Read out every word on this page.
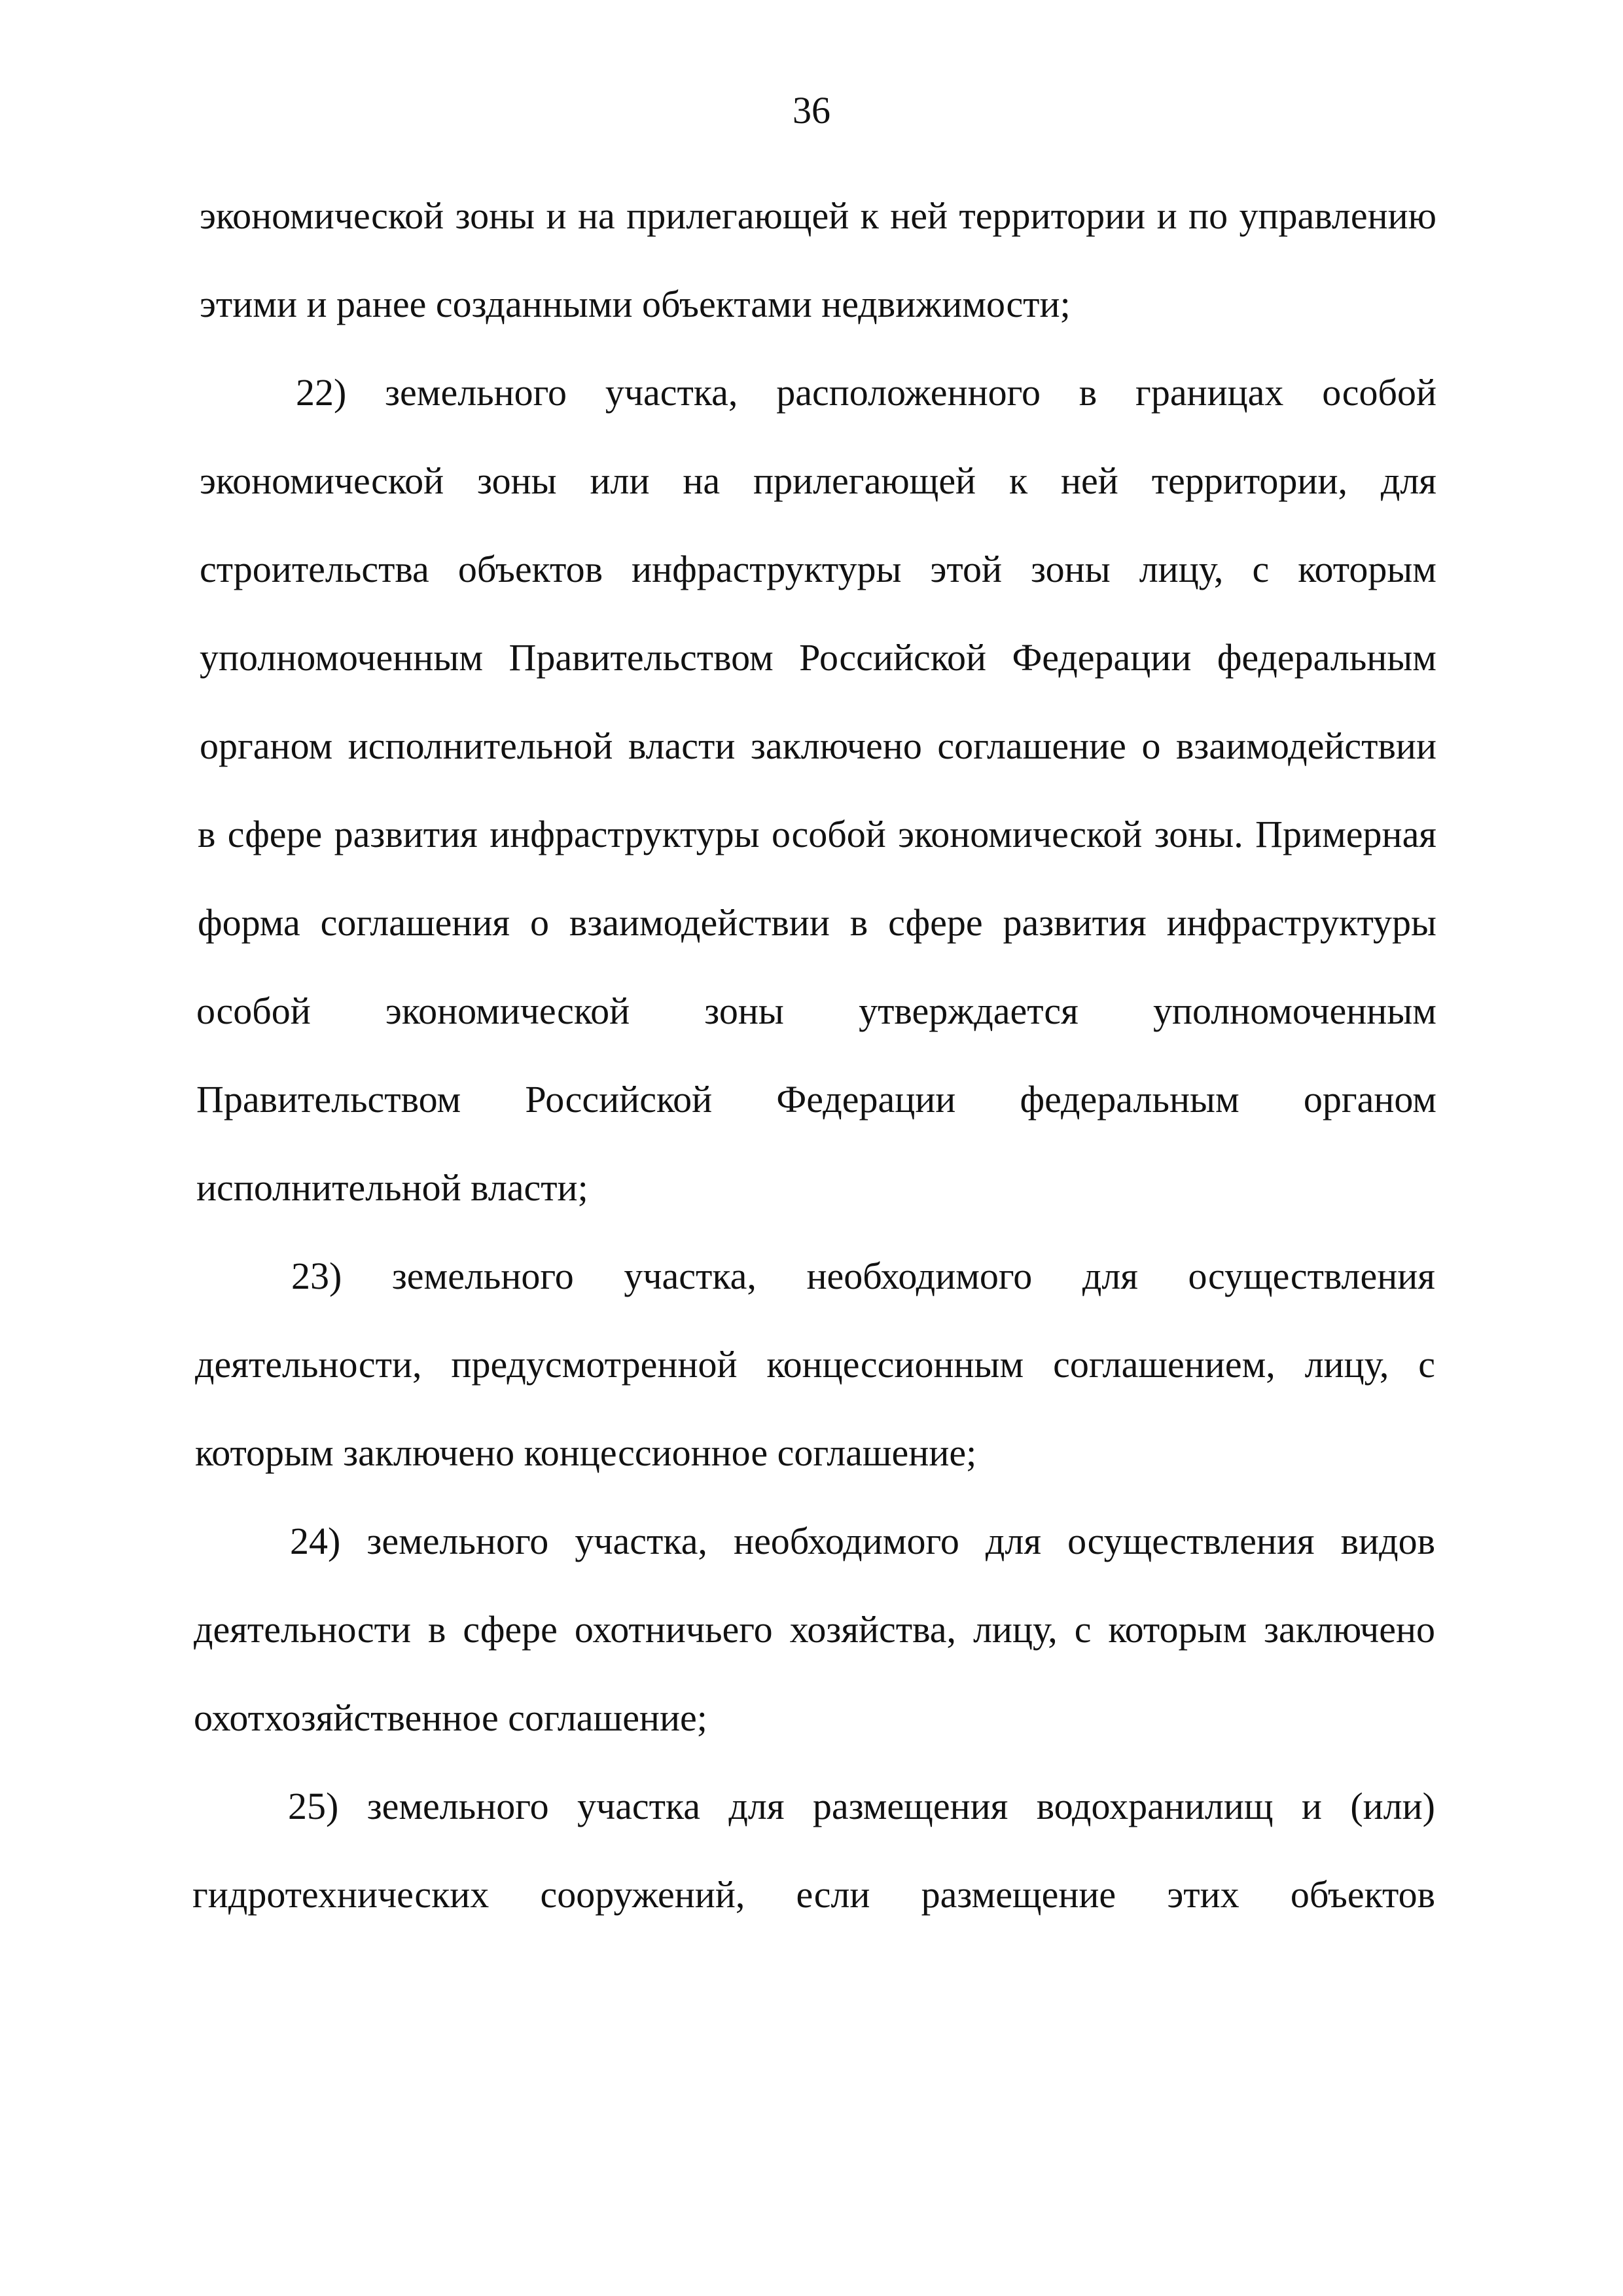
36
экономической зоны и на прилегающей к ней территории и по управлению
этими и ранее созданными объектами недвижимости;
22) земельного участка, расположенного в границах особой
экономической зоны или на прилегающей к ней территории, для
строительства объектов инфраструктуры этой зоны лицу, с которым
уполномоченным Правительством Российской Федерации федеральным
органом исполнительной власти заключено соглашение о взаимодействии
в сфере развития инфраструктуры особой экономической зоны. Примерная
форма соглашения о взаимодействии в сфере развития инфраструктуры
особой экономической зоны утверждается уполномоченным
Правительством Российской Федерации федеральным органом
исполнительной власти;
23) земельного участка, необходимого для осуществления
деятельности, предусмотренной концессионным соглашением, лицу, с
которым заключено концессионное соглашение;
24) земельного участка, необходимого для осуществления видов
деятельности в сфере охотничьего хозяйства, лицу, с которым заключено
охотхозяйственное соглашение;
25) земельного участка для размещения водохранилищ и (или)
гидротехнических сооружений, если размещение этих объектов
